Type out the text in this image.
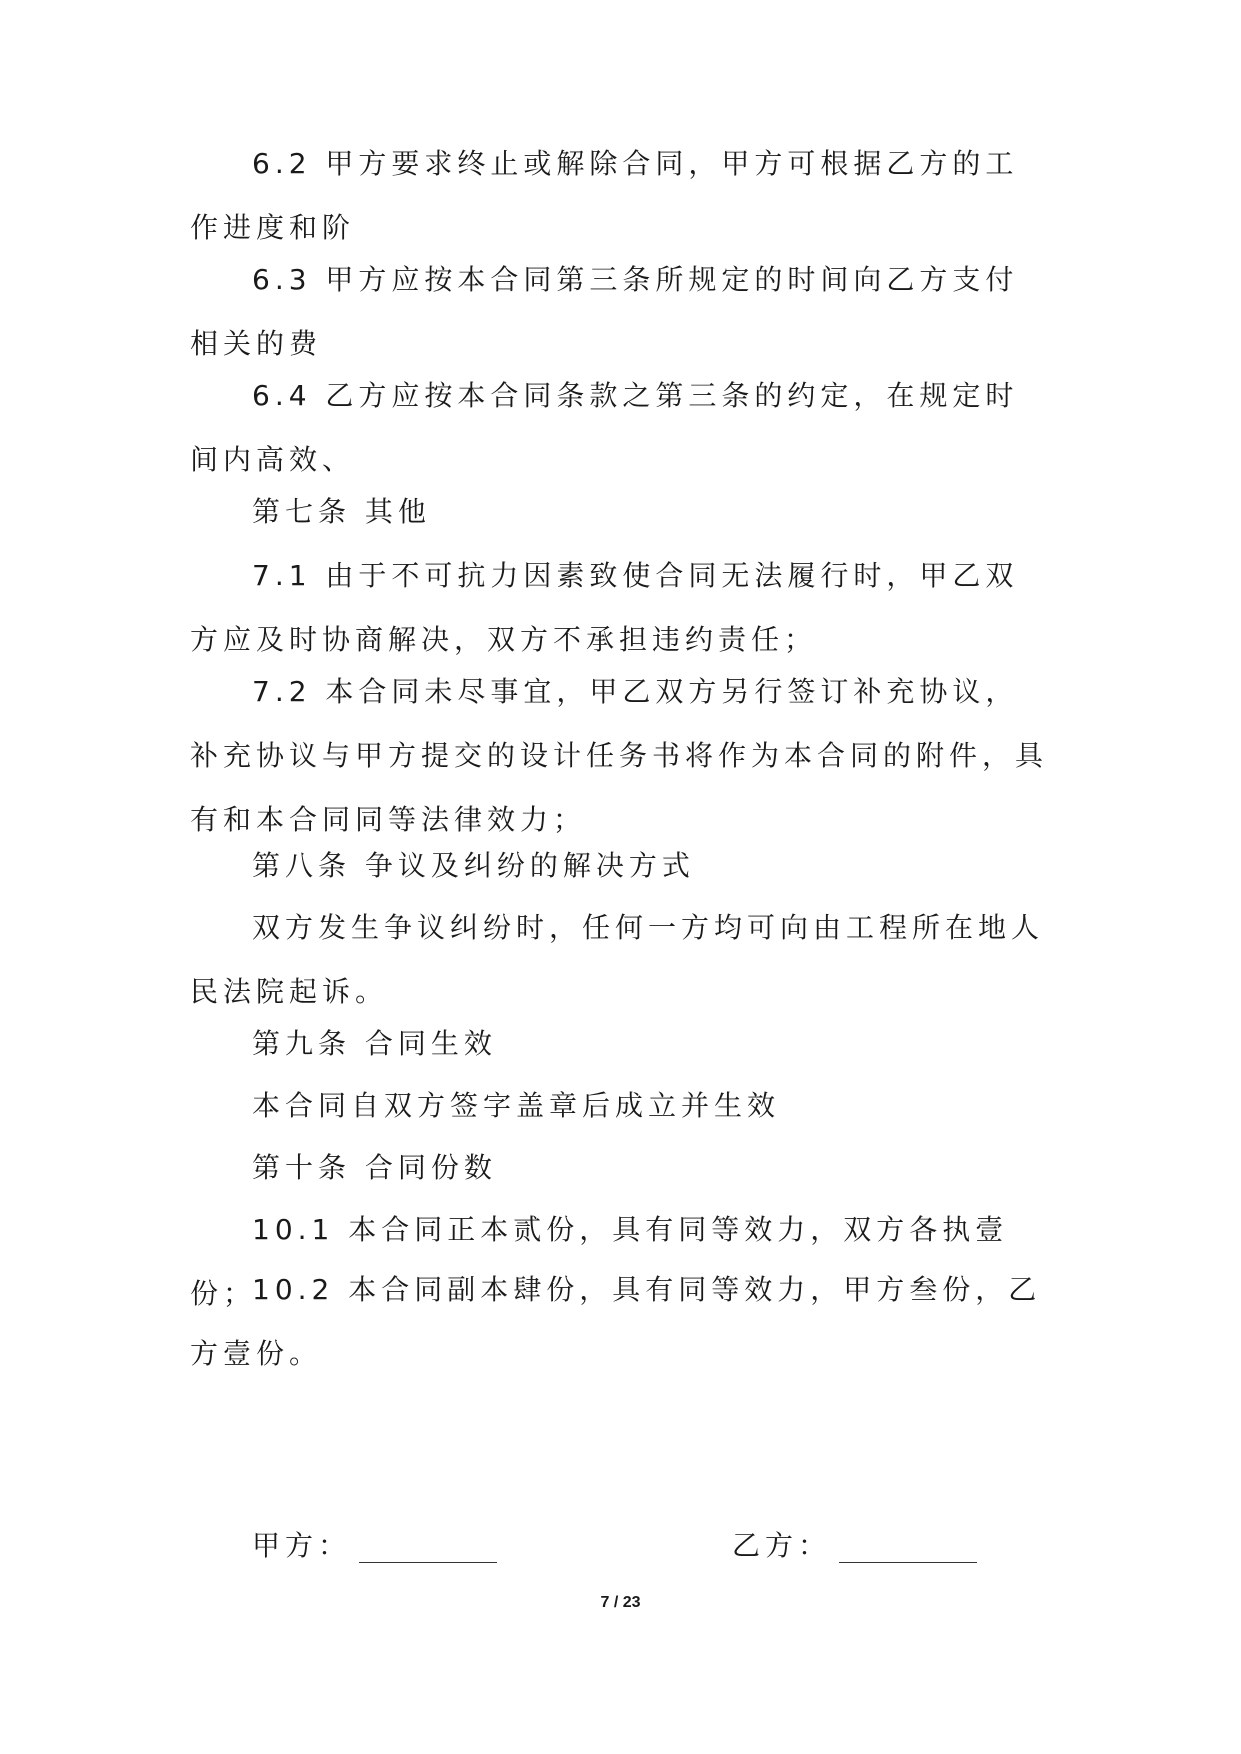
6.2 甲方要求终止或解除合同，甲方可根据乙方的工作进度和阶

6.3 甲方应按本合同第三条所规定的时间向乙方支付相关的费

6.4 乙方应按本合同条款之第三条的约定，在规定时间内高效、

第七条 其他

7.1 由于不可抗力因素致使合同无法履行时，甲乙双方应及时协商解决，双方不承担违约责任；

7.2 本合同未尽事宜，甲乙双方另行签订补充协议，补充协议与甲方提交的设计任务书将作为本合同的附件，具有和本合同同等法律效力；

第八条 争议及纠纷的解决方式

双方发生争议纠纷时，任何一方均可向由工程所在地人民法院起诉。

第九条 合同生效

本合同自双方签字盖章后成立并生效

第十条 合同份数

10.1 本合同正本贰份，具有同等效力，双方各执壹份；

10.2 本合同副本肆份，具有同等效力，甲方叁份，乙方壹份。

甲方：	乙方：
7 / 23
